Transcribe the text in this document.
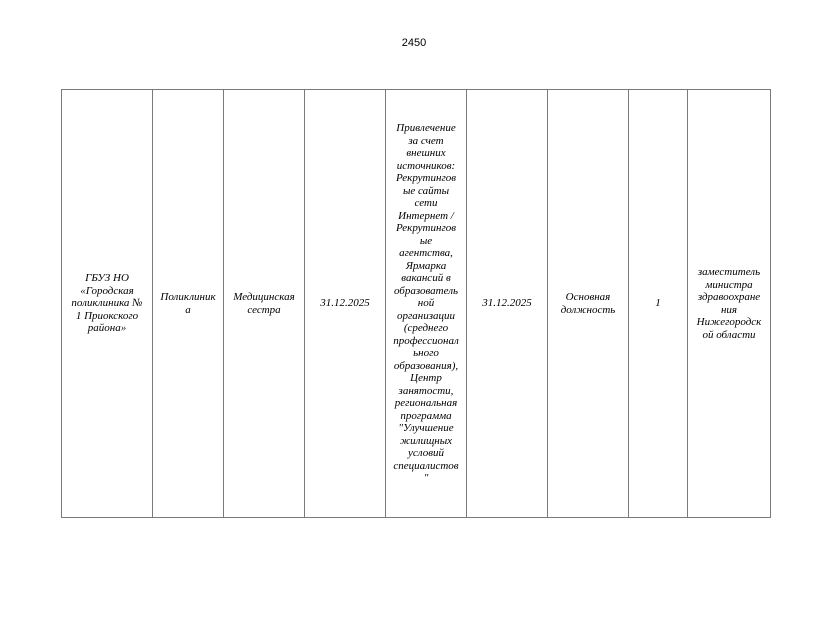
2450
ГБУЗ НО
«Городская
поликлиника №
1 Приокского
района»

Поликлиник
а

Медицинская
сестра

31.12.2025

Привлечение
за счет
внешних
источников:
Рекрутингов
ые сайты
сети
Интернет /
Рекрутингов
ые
агентства,
Ярмарка
вакансий в
образователь
ной
организации
(среднего
профессионал
ьного
образования),
Центр
занятости,
региональная
программа
"Улучшение
жилищных
условий
специалистов
"

31.12.2025

Основная
должность

1

заместитель
министра
здравоохране
ния
Нижегородск
ой области
